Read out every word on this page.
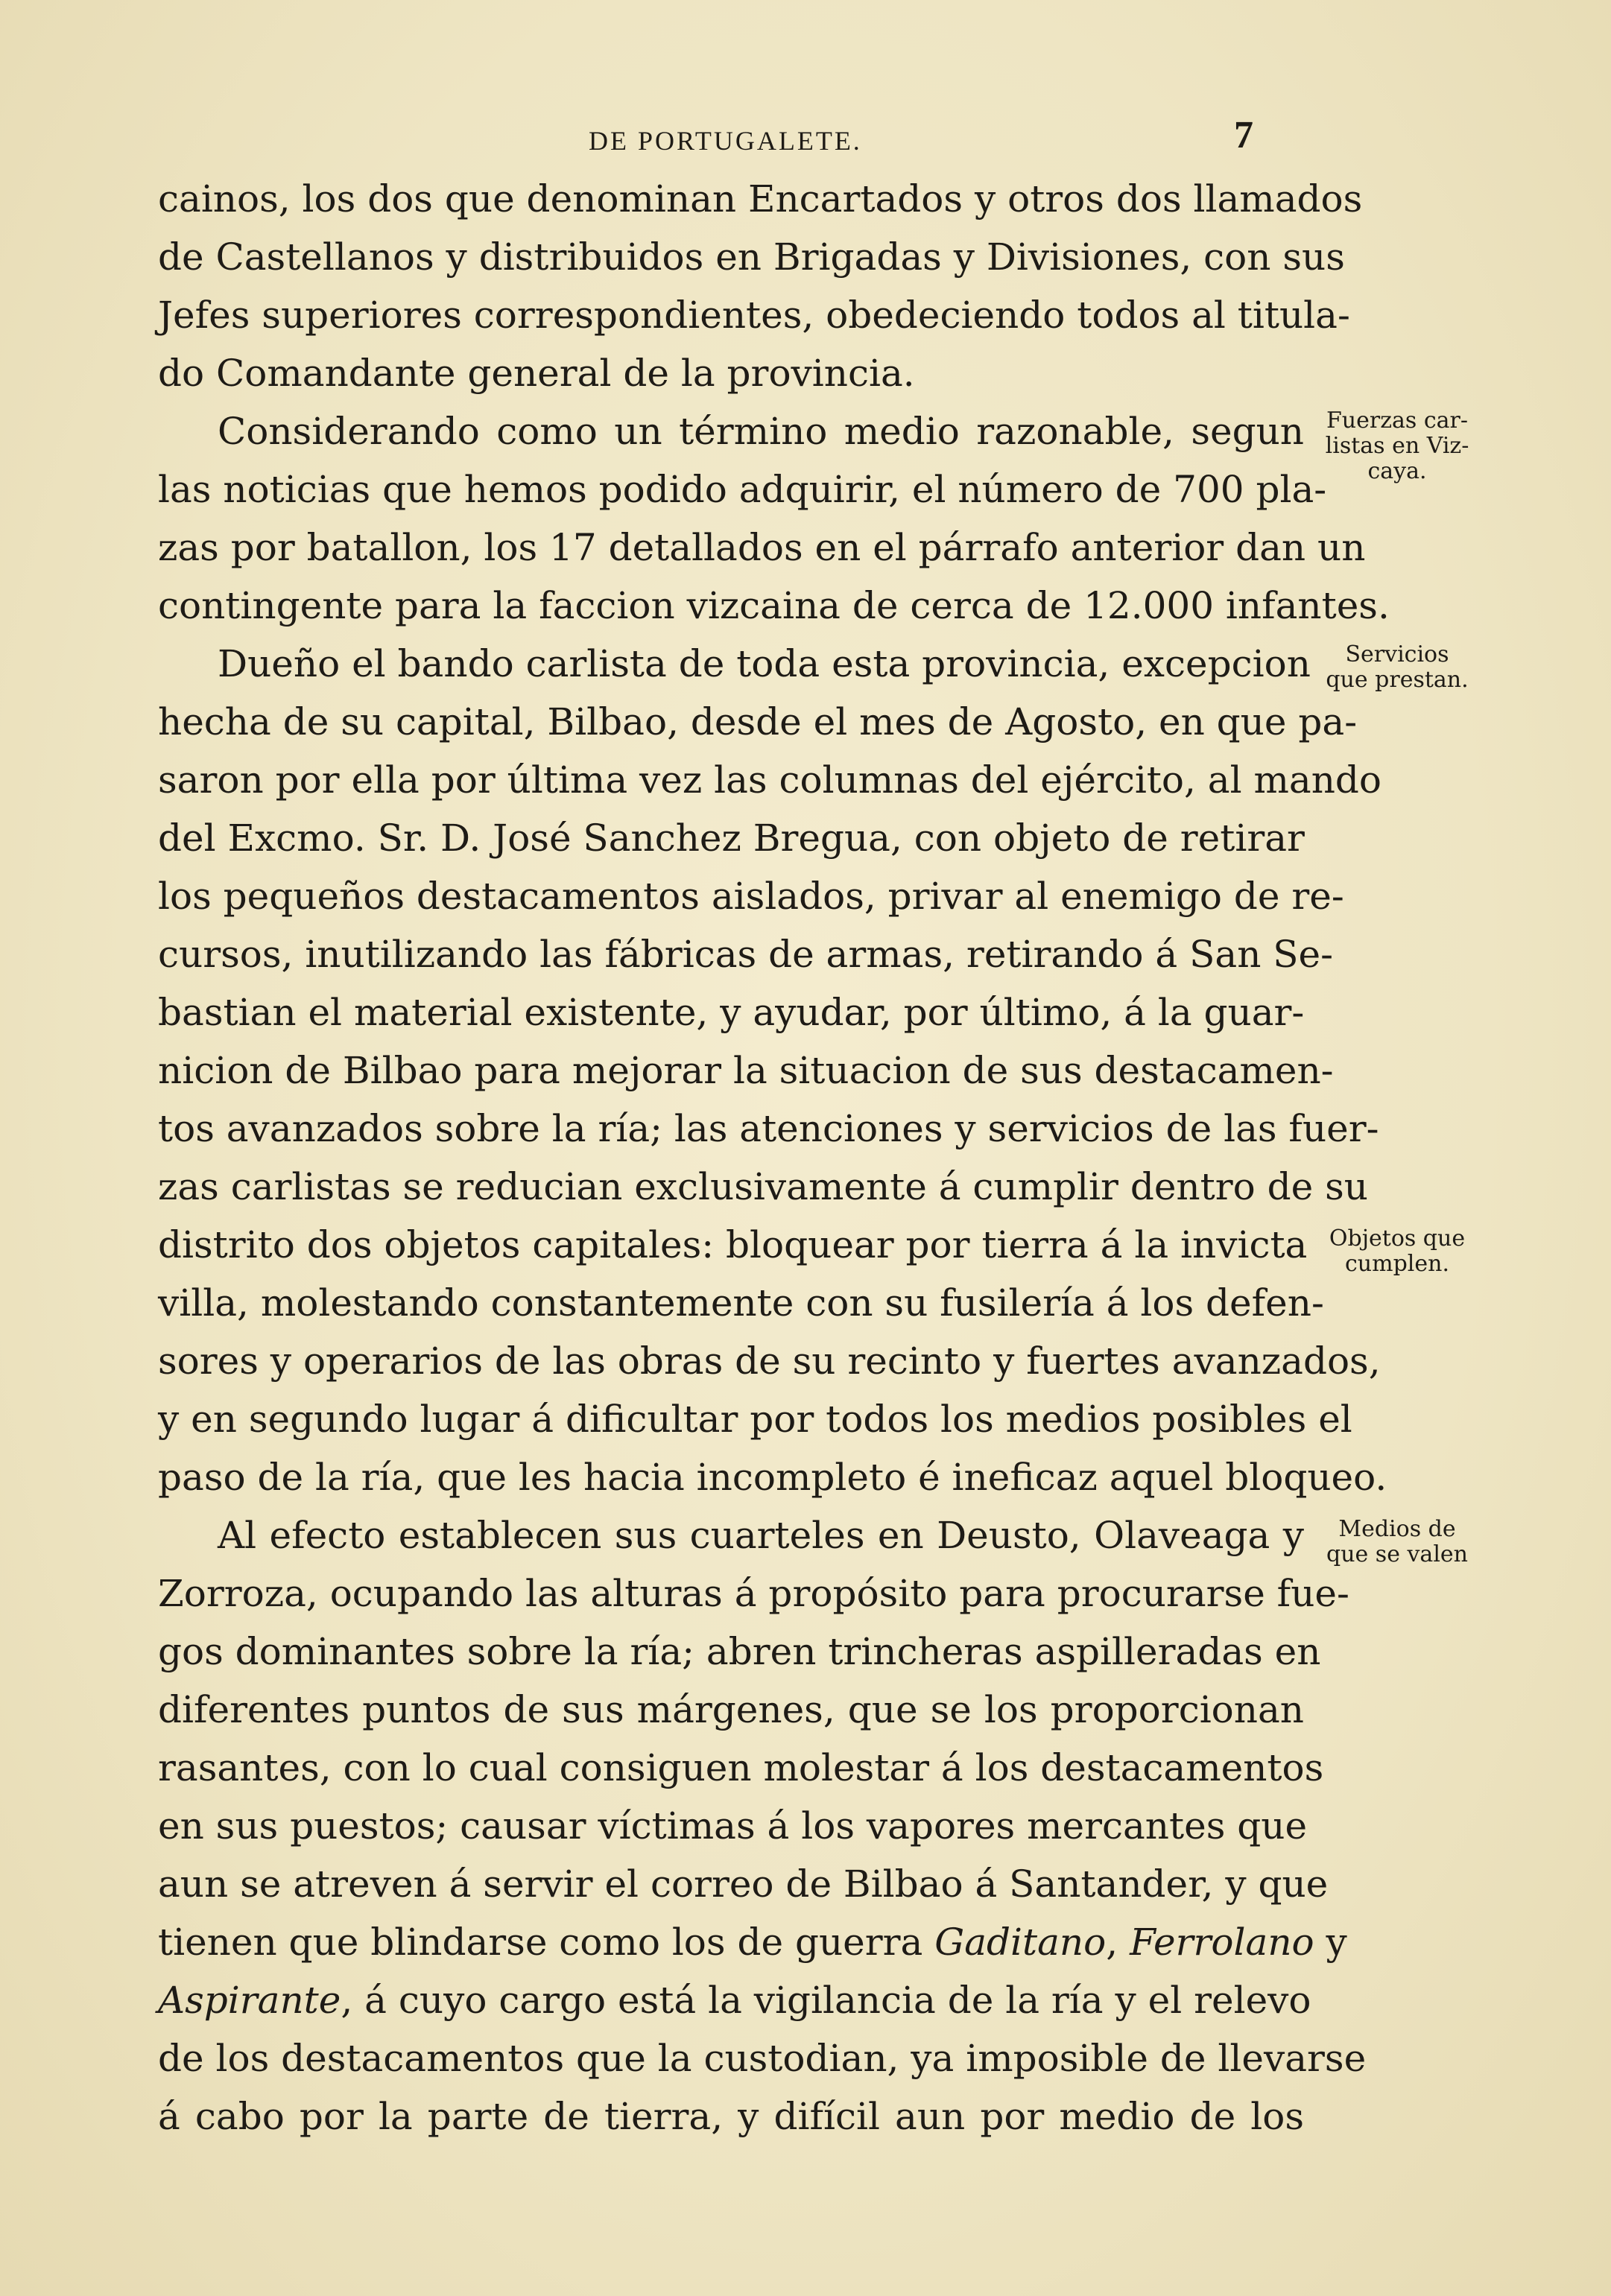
DE PORTUGALETE.	7
cainos, los dos que denominan Encartados y otros dos llamados
de Castellanos y distribuidos en Brigadas y Divisiones, con sus
Jefes superiores correspondientes, obedeciendo todos al titula-
do Comandante general de la provincia.
Considerando como un término medio razonable, segun
las noticias que hemos podido adquirir, el número de 700 pla-
zas por batallon, los 17 detallados en el párrafo anterior dan un
contingente para la faccion vizcaina de cerca de 12.000 infantes.
Dueño el bando carlista de toda esta provincia, excepcion
hecha de su capital, Bilbao, desde el mes de Agosto, en que pa-
saron por ella por última vez las columnas del ejército, al mando
del Excmo. Sr. D. José Sanchez Bregua, con objeto de retirar
los pequeños destacamentos aislados, privar al enemigo de re-
cursos, inutilizando las fábricas de armas, retirando á San Se-
bastian el material existente, y ayudar, por último, á la guar-
nicion de Bilbao para mejorar la situacion de sus destacamen-
tos avanzados sobre la ría; las atenciones y servicios de las fuer-
zas carlistas se reducian exclusivamente á cumplir dentro de su
distrito dos objetos capitales: bloquear por tierra á la invicta
villa, molestando constantemente con su fusilería á los defen-
sores y operarios de las obras de su recinto y fuertes avanzados,
y en segundo lugar á dificultar por todos los medios posibles el
paso de la ría, que les hacia incompleto é ineficaz aquel bloqueo.
Al efecto establecen sus cuarteles en Deusto, Olaveaga y
Zorroza, ocupando las alturas á propósito para procurarse fue-
gos dominantes sobre la ría; abren trincheras aspilleradas en
diferentes puntos de sus márgenes, que se los proporcionan
rasantes, con lo cual consiguen molestar á los destacamentos
en sus puestos; causar víctimas á los vapores mercantes que
aun se atreven á servir el correo de Bilbao á Santander, y que
tienen que blindarse como los de guerra Gaditano, Ferrolano y
Aspirante, á cuyo cargo está la vigilancia de la ría y el relevo
de los destacamentos que la custodian, ya imposible de llevarse
á cabo por la parte de tierra, y difícil aun por medio de los
Fuerzas car-
listas en Viz-
caya.
Servicios
que prestan.
Objetos que
cumplen.
Medios de
que se valen
